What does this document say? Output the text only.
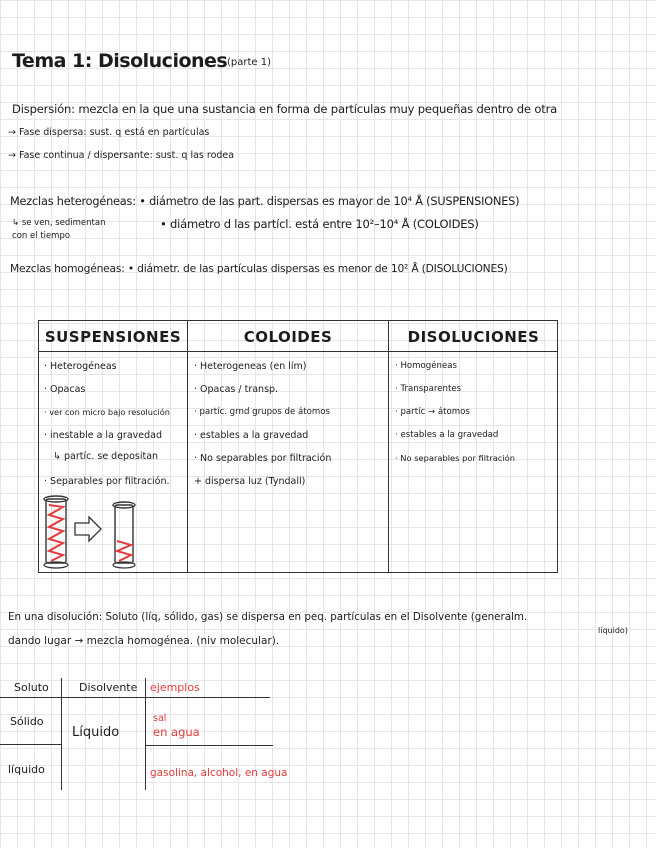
Tema 1: Disoluciones (parte 1)
Dispersión: mezcla en la que una sustancia en forma de partículas muy pequeñas dentro de otra
→ Fase dispersa: sust. q está en partículas
→ Fase continua / dispersante: sust. q las rodea
Mezclas heterogéneas: • diámetro de las part. dispersas es mayor de 10⁴ Å (SUSPENSIONES)
↳ se ven, sedimentan
con el tiempo
• diámetro d las partícl. está entre 10²–10⁴ Å (COLOIDES)
Mezclas homogéneas: • diámetr. de las partículas dispersas es menor de 10² Å (DISOLUCIONES)
SUSPENSIONES
· Heterogéneas
· Opacas
· ver con micro bajo resolución
· inestable a la gravedad
↳ partíc. se depositan
· Separables por filtración.
COLOIDES
· Heterogeneas (en lím)
· Opacas / transp.
· partíc. grnd grupos de átomos
· estables a la gravedad
· No separables por filtración
+ dispersa luz (Tyndall)
DISOLUCIONES
· Homogéneas
· Transparentes
· partíc → átomos
· estables a la gravedad
· No separables por filtración
En una disolución: Soluto (líq, sólido, gas) se dispersa en peq. partículas en el Disolvente (generalm.
líquido)
dando lugar → mezcla homogénea. (niv molecular).
Soluto	Disolvente ejemplos
Sólido
Líquido
sal
en agua
líquido	gasolina, alcohol, en agua
